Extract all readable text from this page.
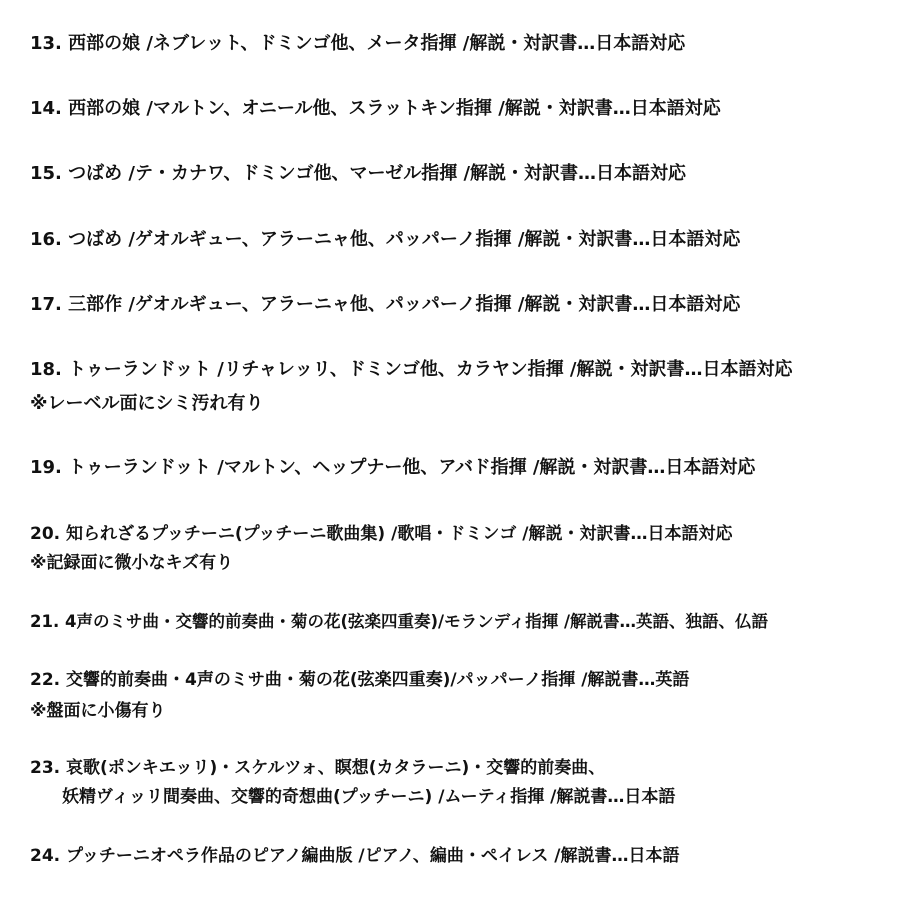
13. 西部の娘 /ネブレット、ドミンゴ他、メータ指揮 /解説・対訳書…日本語対応
14. 西部の娘 /マルトン、オニール他、スラットキン指揮 /解説・対訳書…日本語対応
15. つばめ /テ・カナワ、ドミンゴ他、マーゼル指揮 /解説・対訳書…日本語対応
16. つばめ /ゲオルギュー、アラーニャ他、パッパーノ指揮 /解説・対訳書…日本語対応
17. 三部作 /ゲオルギュー、アラーニャ他、パッパーノ指揮 /解説・対訳書…日本語対応
18. トゥーランドット /リチャレッリ、ドミンゴ他、カラヤン指揮 /解説・対訳書…日本語対応
※レーベル面にシミ汚れ有り
19. トゥーランドット /マルトン、ヘップナー他、アバド指揮 /解説・対訳書…日本語対応
20. 知られざるプッチーニ(プッチーニ歌曲集) /歌唱・ドミンゴ /解説・対訳書…日本語対応
※記録面に微小なキズ有り
21. 4声のミサ曲・交響的前奏曲・菊の花(弦楽四重奏)/モランディ指揮 /解説書…英語、独語、仏語
22. 交響的前奏曲・4声のミサ曲・菊の花(弦楽四重奏)/パッパーノ指揮 /解説書…英語
※盤面に小傷有り
23. 哀歌(ポンキエッリ)・スケルツォ、瞑想(カタラーニ)・交響的前奏曲、
妖精ヴィッリ間奏曲、交響的奇想曲(プッチーニ) /ムーティ指揮 /解説書…日本語
24. プッチーニオペラ作品のピアノ編曲版 /ピアノ、編曲・ペイレス /解説書…日本語
